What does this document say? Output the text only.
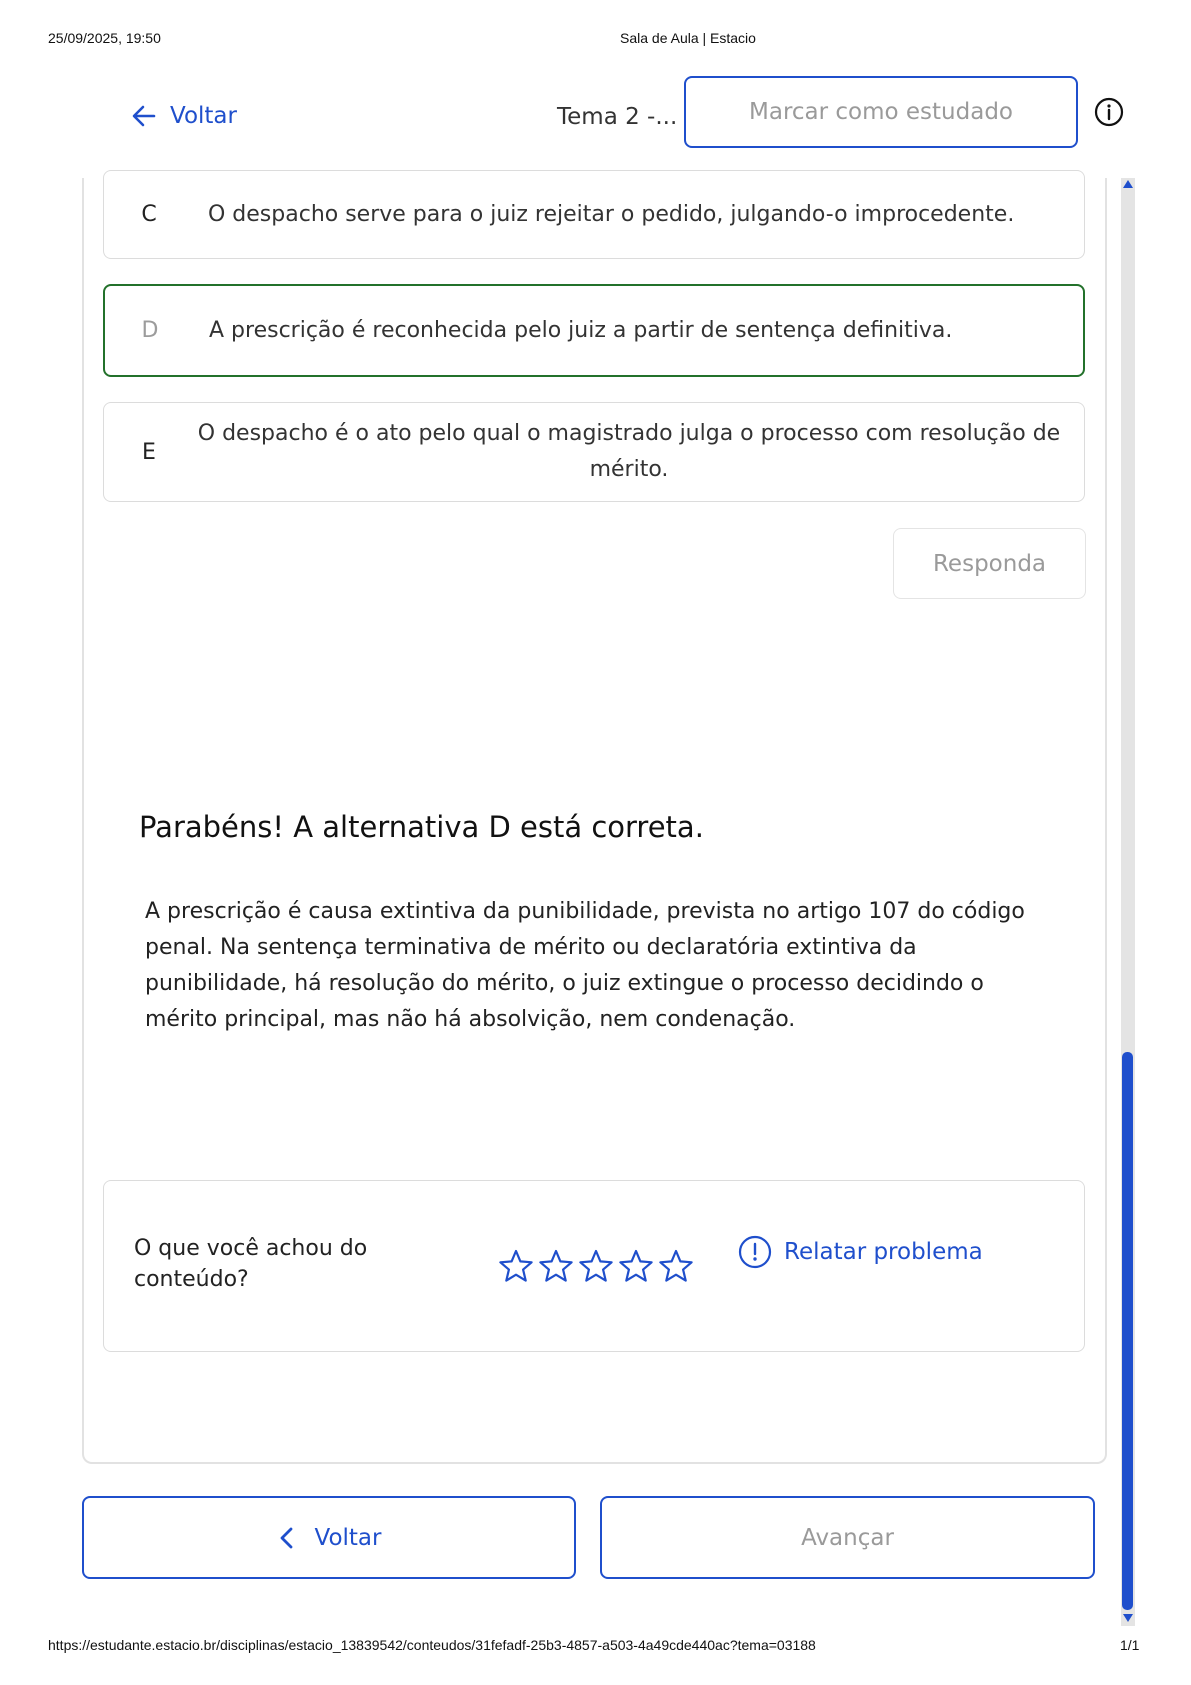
25/09/2025, 19:50	Sala de Aula | Estacio
Voltar	Tema 2 -...	Marcar como estudado
C	O despacho serve para o juiz rejeitar o pedido, julgando-o improcedente.
D	A prescrição é reconhecida pelo juiz a partir de sentença definitiva.
E
O despacho é o ato pelo qual o magistrado julga o processo com resolução de mérito.
Responda
Parabéns! A alternativa D está correta.
A prescrição é causa extintiva da punibilidade, prevista no artigo 107 do código penal. Na sentença terminativa de mérito ou declaratória extintiva da punibilidade, há resolução do mérito, o juiz extingue o processo decidindo o mérito principal, mas não há absolvição, nem condenação.
O que você achou do conteúdo?
Relatar problema
Voltar	Avançar
https://estudante.estacio.br/disciplinas/estacio_13839542/conteudos/31fefadf-25b3-4857-a503-4a49cde440ac?tema=03188	1/1
